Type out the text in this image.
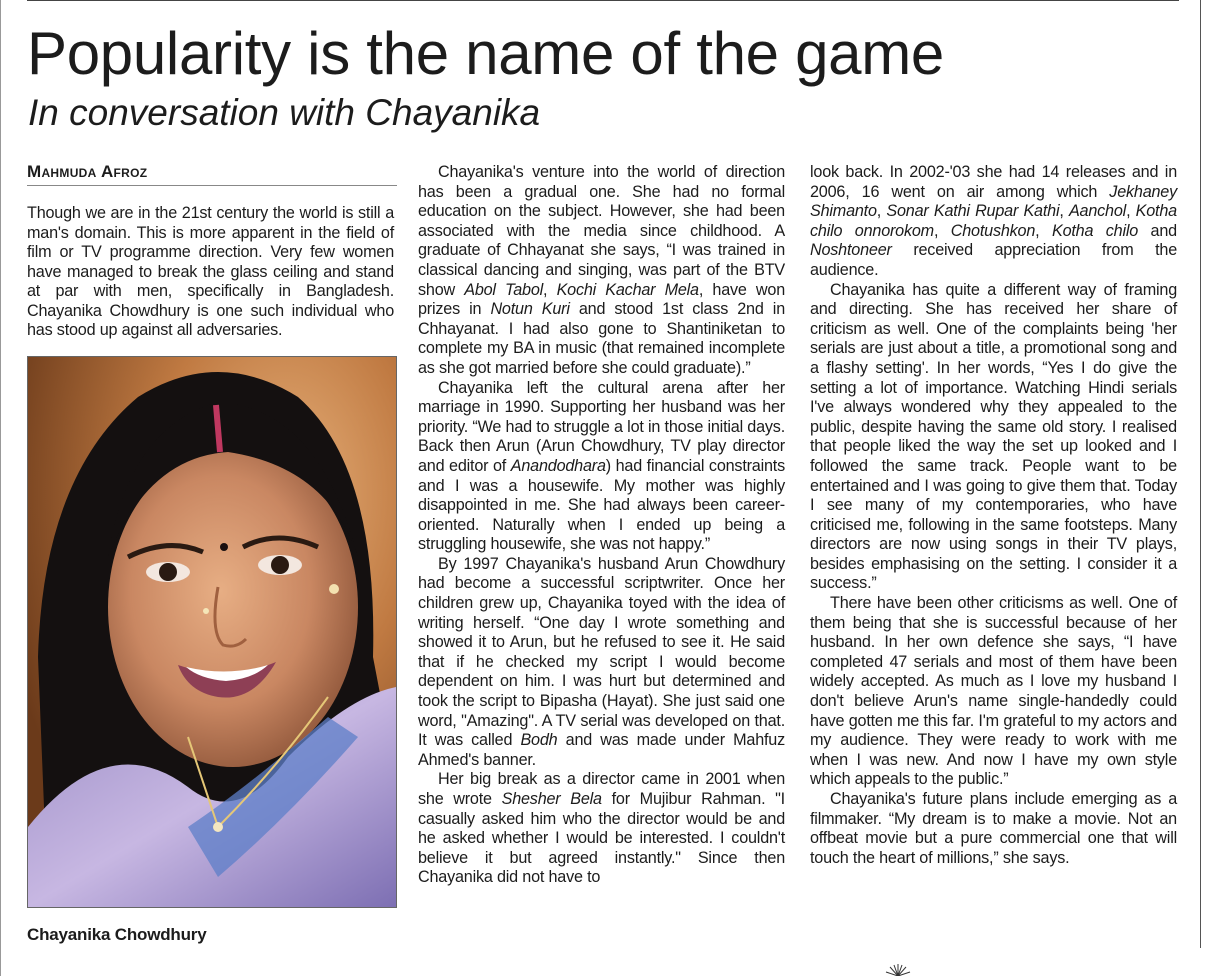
Popularity is the name of the game
In conversation with Chayanika
Mahmuda Afroz

Though we are in the 21st century the world is still a man's domain. This is more apparent in the field of film or TV programme direction. Very few women have managed to break the glass ceiling and stand at par with men, specifically in Bangladesh. Chayanika Chowdhury is one such individual who has stood up against all adversaries.

Chayanika Chowdhury

Chayanika's venture into the world of direction has been a gradual one. She had no formal education on the subject. However, she had been associated with the media since childhood. A graduate of Chhayanat she says, “I was trained in classical dancing and singing, was part of the BTV show Abol Tabol, Kochi Kachar Mela, have won prizes in Notun Kuri and stood 1st class 2nd in Chhayanat. I had also gone to Shantiniketan to complete my BA in music (that remained incomplete as she got married before she could graduate).”

Chayanika left the cultural arena after her marriage in 1990. Supporting her husband was her priority. “We had to struggle a lot in those initial days. Back then Arun (Arun Chowdhury, TV play director and editor of Anandodhara) had financial constraints and I was a housewife. My mother was highly disappointed in me. She had always been career-oriented. Naturally when I ended up being a struggling housewife, she was not happy.”

By 1997 Chayanika's husband Arun Chowdhury had become a successful scriptwriter. Once her children grew up, Chayanika toyed with the idea of writing herself. “One day I wrote something and showed it to Arun, but he refused to see it. He said that if he checked my script I would become dependent on him. I was hurt but determined and took the script to Bipasha (Hayat). She just said one word, "Amazing". A TV serial was developed on that. It was called Bodh and was made under Mahfuz Ahmed's banner.

Her big break as a director came in 2001 when she wrote Shesher Bela for Mujibur Rahman. "I casually asked him who the director would be and he asked whether I would be interested. I couldn't believe it but agreed instantly." Since then Chayanika did not have to

look back. In 2002-'03 she had 14 releases and in 2006, 16 went on air among which Jekhaney Shimanto, Sonar Kathi Rupar Kathi, Aanchol, Kotha chilo onnorokom, Chotushkon, Kotha chilo and Noshtoneer received appreciation from the audience.

Chayanika has quite a different way of framing and directing. She has received her share of criticism as well. One of the complaints being 'her serials are just about a title, a promotional song and a flashy setting'. In her words, “Yes I do give the setting a lot of importance. Watching Hindi serials I've always wondered why they appealed to the public, despite having the same old story. I realised that people liked the way the set up looked and I followed the same track. People want to be entertained and I was going to give them that. Today I see many of my contemporaries, who have criticised me, following in the same footsteps. Many directors are now using songs in their TV plays, besides emphasising on the setting. I consider it a success.”

There have been other criticisms as well. One of them being that she is successful because of her husband. In her own defence she says, “I have completed 47 serials and most of them have been widely accepted. As much as I love my husband I don't believe Arun's name single-handedly could have gotten me this far. I'm grateful to my actors and my audience. They were ready to work with me when I was new. And now I have my own style which appeals to the public.”

Chayanika's future plans include emerging as a filmmaker. “My dream is to make a movie. Not an offbeat movie but a pure commercial one that will touch the heart of millions,” she says.
